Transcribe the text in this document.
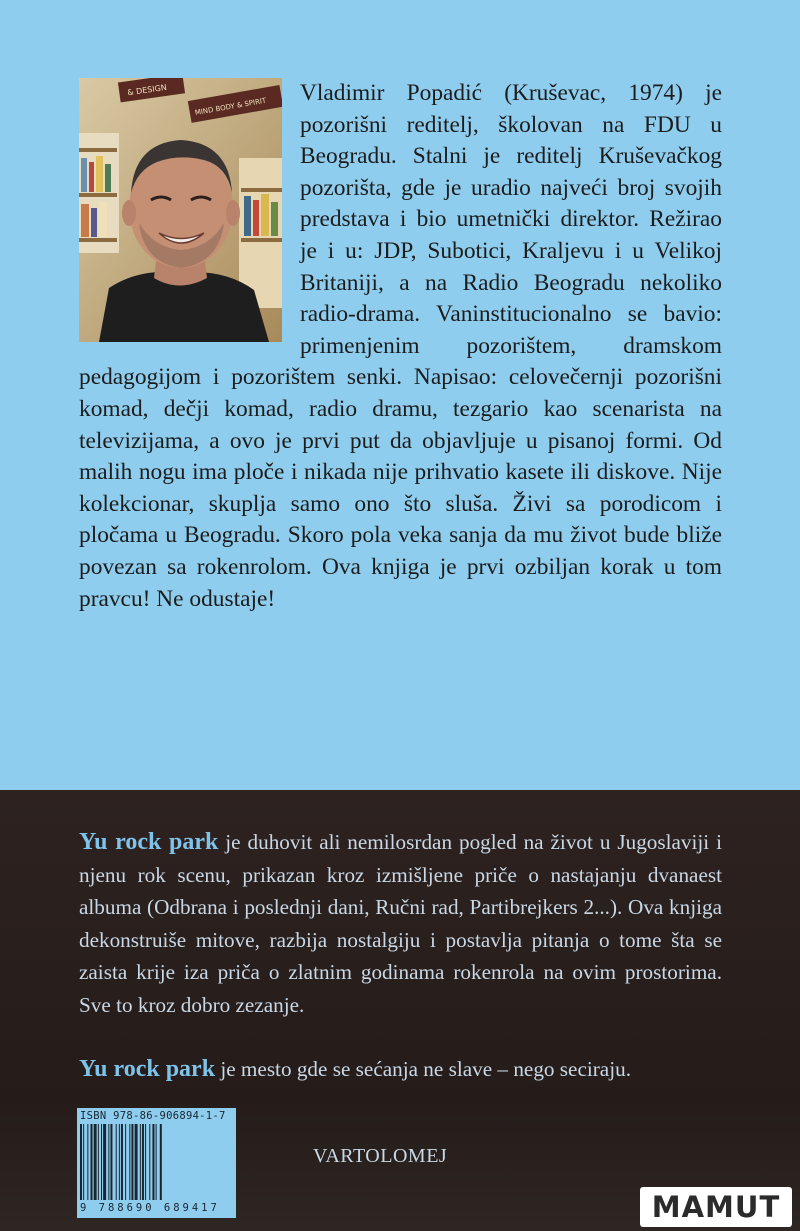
& DESIGN
MIND BODY & SPIRIT

Vladimir Popadić (Kruševac, 1974) je pozorišni reditelj, školovan na FDU u Beogradu. Stalni je reditelj Kruševačkog pozorišta, gde je uradio najveći broj svojih predstava i bio umetnički direktor. Režirao je i u: JDP, Subotici, Kraljevu i u Velikoj Britaniji, a na Radio Beogradu nekoliko radio-drama. Vaninstitucionalno se bavio: primenjenim pozorištem, dramskom pedagogijom i pozorištem senki. Napisao: celovečernji pozorišni komad, dečji komad, radio dramu, tezgario kao scenarista na televizijama, a ovo je prvi put da objavljuje u pisanoj formi. Od malih nogu ima ploče i nikada nije prihvatio kasete ili diskove. Nije kolekcionar, skuplja samo ono što sluša. Živi sa porodicom i pločama u Beogradu. Skoro pola veka sanja da mu život bude bliže povezan sa rokenrolom. Ova knjiga je prvi ozbiljan korak u tom pravcu! Ne odustaje!

Yu rock park je duhovit ali nemilosrdan pogled na život u Jugoslaviji i njenu rok scenu, prikazan kroz izmišljene priče o nastajanju dvanaest albuma (Odbrana i poslednji dani, Ručni rad, Partibrejkers 2...). Ova knjiga dekonstruiše mitove, razbija nostalgiju i postavlja pitanja o tome šta se zaista krije iza priča o zlatnim godinama rokenrola na ovim prostorima. Sve to kroz dobro zezanje.

Yu rock park je mesto gde se sećanja ne slave – nego seciraju.

ISBN 978-86-906894-1-7
9 788690 689417
VARTOLOMEJ
MAMUT
